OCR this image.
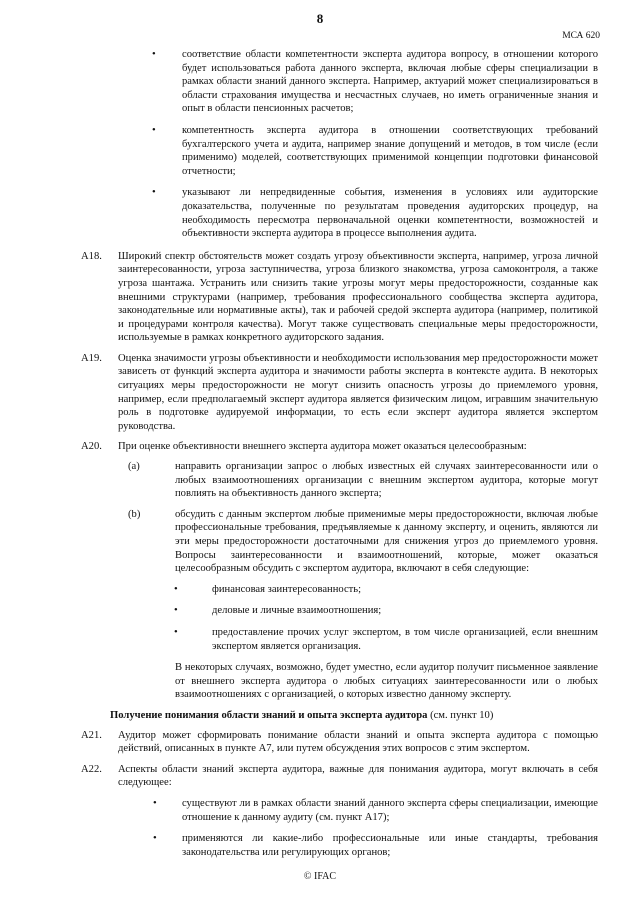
8
МСА 620
•	соответствие области компетентности эксперта аудитора вопросу, в отношении которого будет использоваться работа данного эксперта, включая любые сферы специализации в рамках области знаний данного эксперта. Например, актуарий может специализироваться в области страхования имущества и несчастных случаев, но иметь ограниченные знания и опыт в области пенсионных расчетов;

•	компетентность эксперта аудитора в отношении соответствующих требований бухгалтерского учета и аудита, например знание допущений и методов, в том числе (если применимо) моделей, соответствующих применимой концепции подготовки финансовой отчетности;

•	указывают ли непредвиденные события, изменения в условиях или аудиторские доказательства, полученные по результатам проведения аудиторских процедур, на необходимость пересмотра первоначальной оценки компетентности, возможностей и объективности эксперта аудитора в процессе выполнения аудита.

A18. Широкий спектр обстоятельств может создать угрозу объективности эксперта, например, угроза личной заинтересованности, угроза заступничества, угроза близкого знакомства, угроза самоконтроля, а также угроза шантажа. Устранить или снизить такие угрозы могут меры предосторожности, созданные как внешними структурами (например, требования профессионального сообщества эксперта аудитора, законодательные или нормативные акты), так и рабочей средой эксперта аудитора (например, политикой и процедурами контроля качества). Могут также существовать специальные меры предосторожности, используемые в рамках конкретного аудиторского задания.

A19. Оценка значимости угрозы объективности и необходимости использования мер предосторожности может зависеть от функций эксперта аудитора и значимости работы эксперта в контексте аудита. В некоторых ситуациях меры предосторожности не могут снизить опасность угрозы до приемлемого уровня, например, если предполагаемый эксперт аудитора является физическим лицом, игравшим значительную роль в подготовке аудируемой информации, то есть если эксперт аудитора является экспертом руководства.

A20. При оценке объективности внешнего эксперта аудитора может оказаться целесообразным:

(a)	направить организации запрос о любых известных ей случаях заинтересованности или о любых взаимоотношениях организации с внешним экспертом аудитора, которые могут повлиять на объективность данного эксперта;

(b)	обсудить с данным экспертом любые применимые меры предосторожности, включая любые профессиональные требования, предъявляемые к данному эксперту, и оценить, являются ли эти меры предосторожности достаточными для снижения угроз до приемлемого уровня. Вопросы заинтересованности и взаимоотношений, которые, может оказаться целесообразным обсудить с экспертом аудитора, включают в себя следующие:

•	финансовая заинтересованность;

•	деловые и личные взаимоотношения;

•	предоставление прочих услуг экспертом, в том числе организацией, если внешним экспертом является организация.

В некоторых случаях, возможно, будет уместно, если аудитор получит письменное заявление от внешнего эксперта аудитора о любых ситуациях заинтересованности или о любых взаимоотношениях с организацией, о которых известно данному эксперту.

Получение понимания области знаний и опыта эксперта аудитора (см. пункт 10)
A21. Аудитор может сформировать понимание области знаний и опыта эксперта аудитора с помощью действий, описанных в пункте A7, или путем обсуждения этих вопросов с этим экспертом.

A22. Аспекты области знаний эксперта аудитора, важные для понимания аудитора, могут включать в себя следующее:

• существуют ли в рамках области знаний данного эксперта сферы специализации, имеющие отношение к данному аудиту (см. пункт A17);

• применяются ли какие-либо профессиональные или иные стандарты, требования законодательства или регулирующих органов;

© IFAC
